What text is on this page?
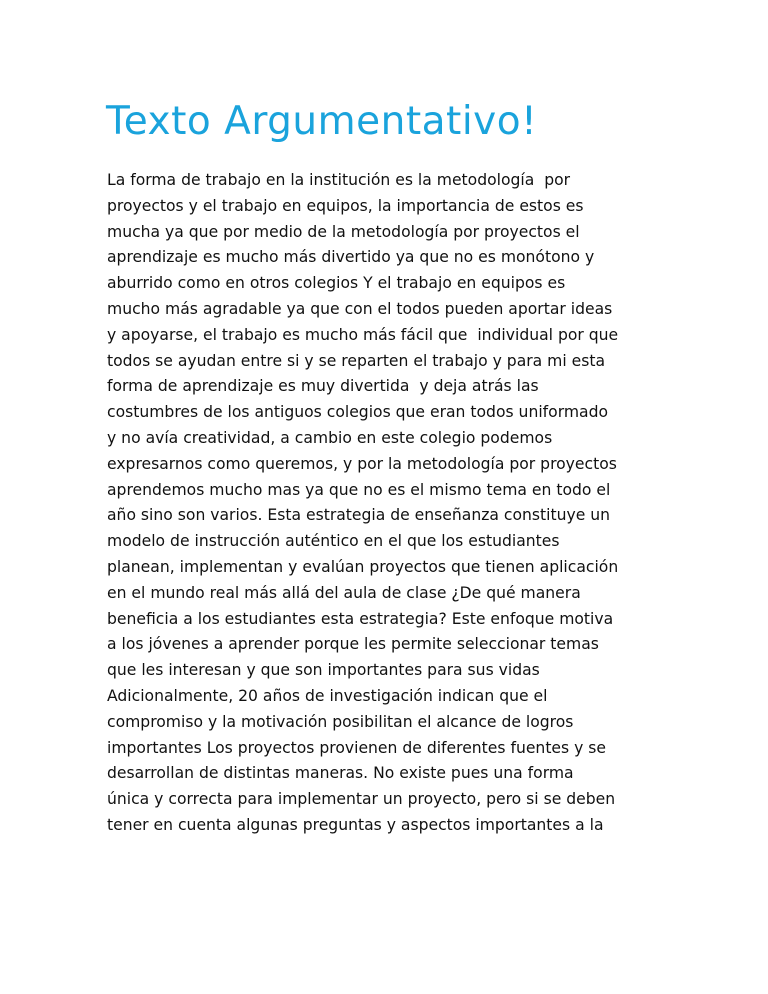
Texto Argumentativo!
La forma de trabajo en la institución es la metodología  por
proyectos y el trabajo en equipos, la importancia de estos es
mucha ya que por medio de la metodología por proyectos el
aprendizaje es mucho más divertido ya que no es monótono y
aburrido como en otros colegios Y el trabajo en equipos es
mucho más agradable ya que con el todos pueden aportar ideas
y apoyarse, el trabajo es mucho más fácil que  individual por que
todos se ayudan entre si y se reparten el trabajo y para mi esta
forma de aprendizaje es muy divertida  y deja atrás las
costumbres de los antiguos colegios que eran todos uniformado
y no avía creatividad, a cambio en este colegio podemos
expresarnos como queremos, y por la metodología por proyectos
aprendemos mucho mas ya que no es el mismo tema en todo el
año sino son varios. Esta estrategia de enseñanza constituye un
modelo de instrucción auténtico en el que los estudiantes
planean, implementan y evalúan proyectos que tienen aplicación
en el mundo real más allá del aula de clase ¿De qué manera
beneficia a los estudiantes esta estrategia? Este enfoque motiva
a los jóvenes a aprender porque les permite seleccionar temas
que les interesan y que son importantes para sus vidas
Adicionalmente, 20 años de investigación indican que el
compromiso y la motivación posibilitan el alcance de logros
importantes Los proyectos provienen de diferentes fuentes y se
desarrollan de distintas maneras. No existe pues una forma
única y correcta para implementar un proyecto, pero si se deben
tener en cuenta algunas preguntas y aspectos importantes a la
